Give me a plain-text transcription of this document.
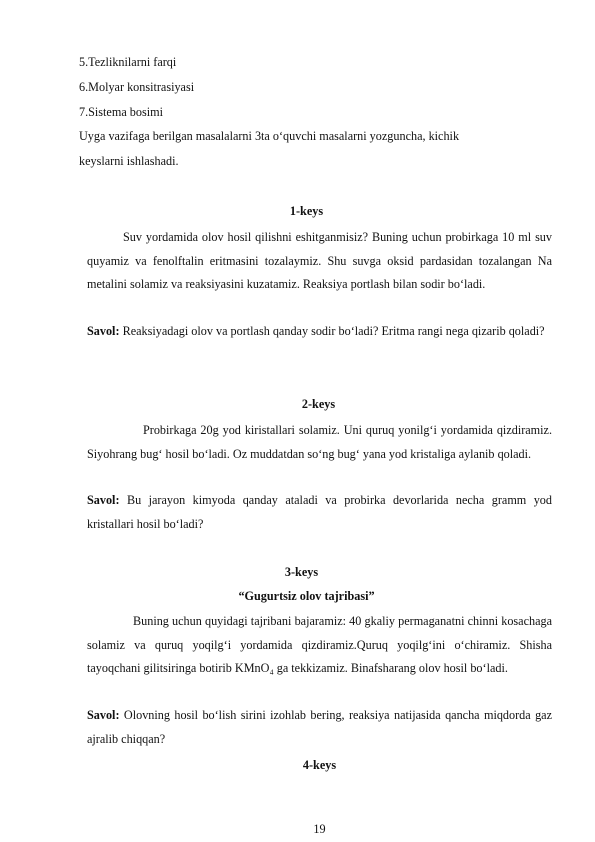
5.Tezliknilarni farqi
6.Molyar konsitrasiyasi
7.Sistema bosimi
Uyga vazifaga berilgan masalalarni 3ta o‘quvchi masalarni yozguncha, kichik
keyslarni ishlashadi.
1-keys
Suv yordamida olov hosil qilishni eshitganmisiz? Buning uchun probirkaga 10 ml suv quyamiz va fenolftalin eritmasini tozalaymiz. Shu suvga oksid pardasidan tozalangan Na metalini solamiz va reaksiyasini kuzatamiz. Reaksiya portlash bilan sodir bo‘ladi.
Savol: Reaksiyadagi olov va portlash qanday sodir bo‘ladi? Eritma rangi nega qizarib qoladi?
2-keys
Probirkaga 20g yod kiristallari solamiz. Uni quruq yonilg‘i yordamida qizdiramiz. Siyohrang bug‘ hosil bo‘ladi. Oz muddatdan so‘ng bug‘ yana yod kristaliga aylanib qoladi.
Savol: Bu jarayon kimyoda qanday ataladi va probirka devorlarida necha gramm yod kristallari hosil bo‘ladi?
3-keys
“Gugurtsiz olov tajribasi”
Buning uchun quyidagi tajribani bajaramiz: 40 gkaliy permaganatni chinni kosachaga solamiz va quruq yoqilg‘i yordamida qizdiramiz.Quruq yoqilg‘ini o‘chiramiz. Shisha tayoqchani gilitsiringa botirib KMnO₄ ga tekkizamiz. Binafsharang olov hosil bo‘ladi.
Savol: Olovning hosil bo‘lish sirini izohlab bering, reaksiya natijasida qancha miqdorda gaz ajralib chiqqan?
4-keys
19
